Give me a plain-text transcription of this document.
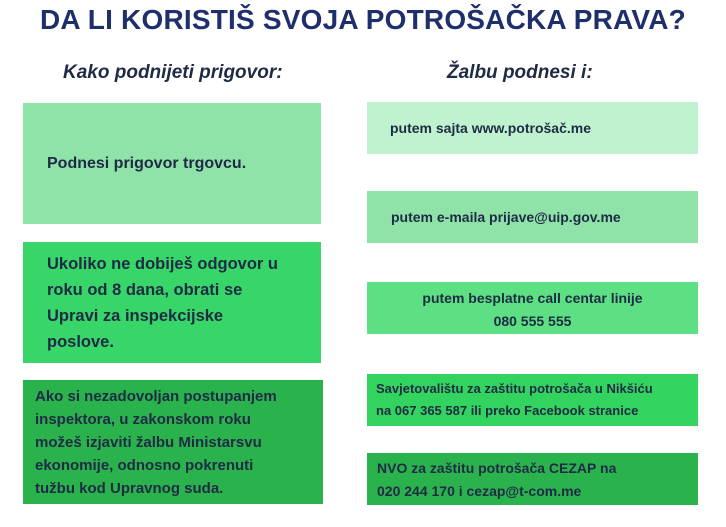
DA LI KORISTIŠ SVOJA POTROŠAČKA PRAVA?
Kako podnijeti prigovor:	Žalbu podnesi i:
Podnesi prigovor trgovcu.
Ukoliko ne dobiješ odgovor u
roku od 8 dana, obrati se
Upravi za inspekcijske
poslove.
Ako si nezadovoljan postupanjem
inspektora, u zakonskom roku
možeš izjaviti žalbu Ministarsvu
ekonomije, odnosno pokrenuti
tužbu kod Upravnog suda.
putem sajta www.potrošač.me
putem e-maila prijave@uip.gov.me
putem besplatne call centar linije
080 555 555
Savjetovalištu za zaštitu potrošača u Nikšiću
na 067 365 587 ili preko Facebook stranice
NVO za zaštitu potrošača CEZAP na
020 244 170 i cezap@t-com.me
